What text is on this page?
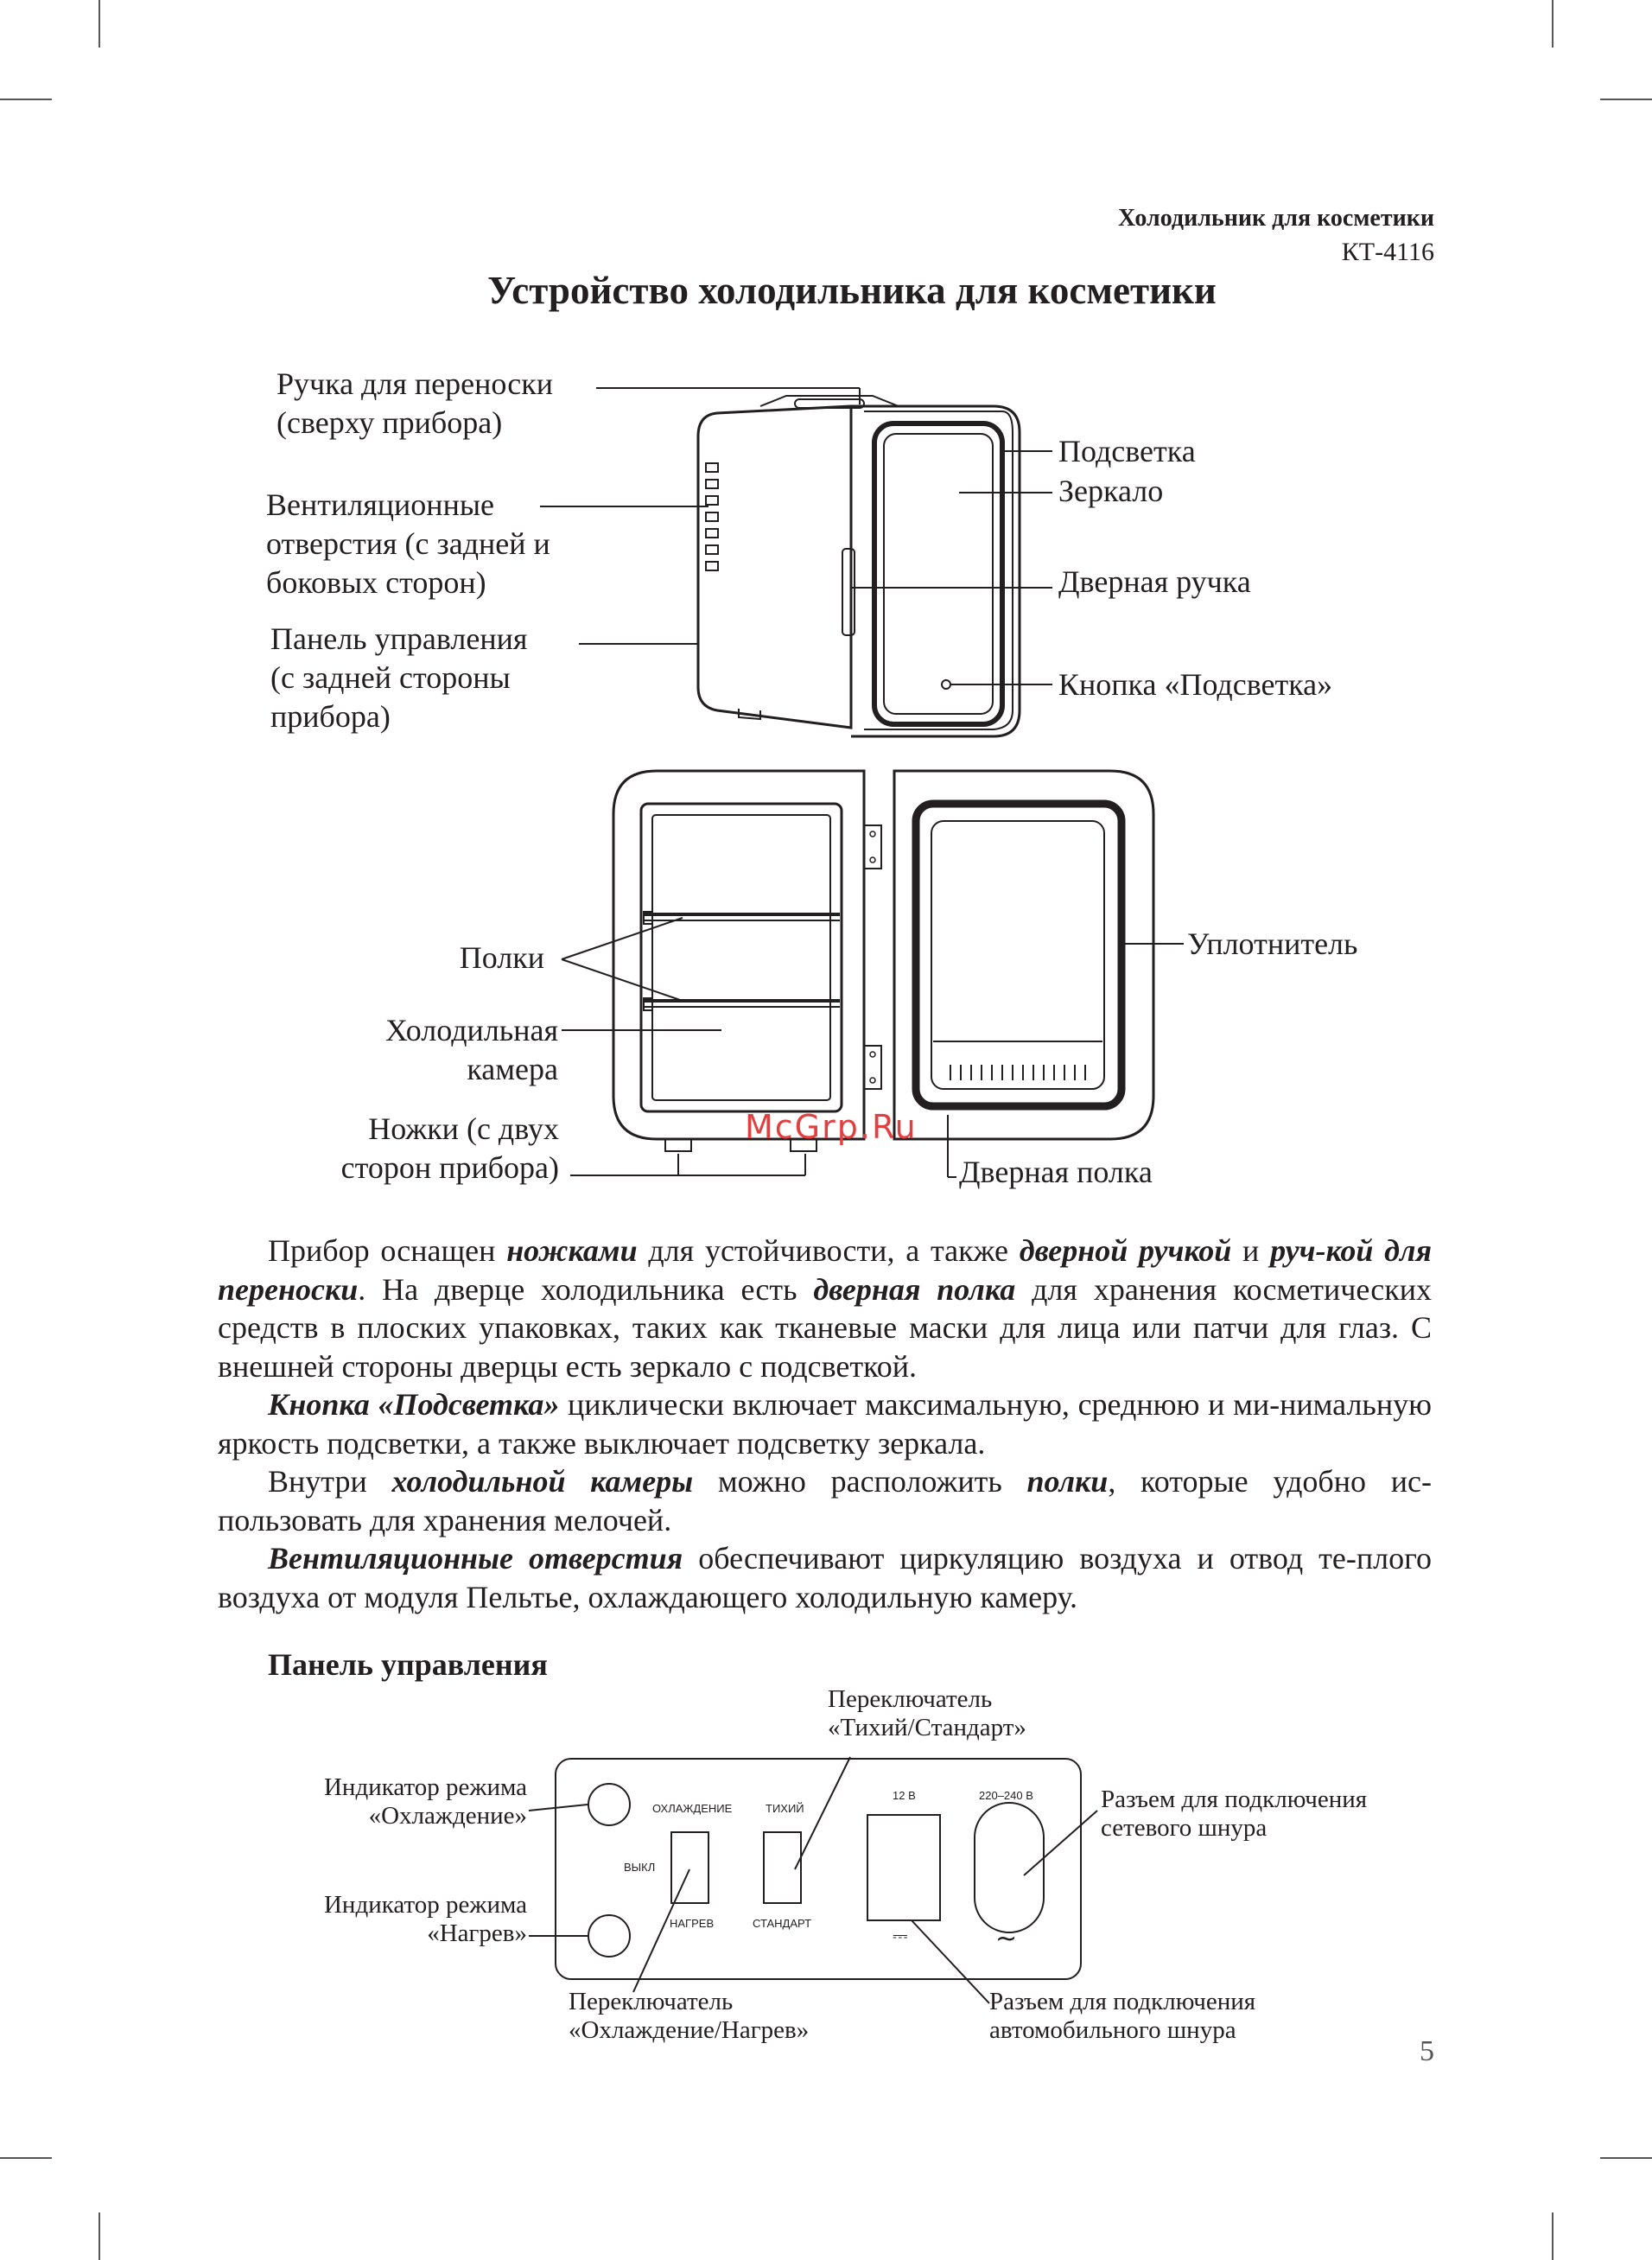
Холодильник для косметики
КТ-4116
Устройство холодильника для косметики
Ручка для переноски
(сверху прибора)
Вентиляционные
отверстия (с задней и
боковых сторон)
Панель управления
(с задней стороны
прибора)
Подсветка
Зеркало
Дверная ручка
Кнопка «Подсветка»
Полки
Холодильная
камера
Ножки (с двух
сторон прибора)
Уплотнитель
Дверная полка
McGrp.Ru

Прибор оснащен ножками для устойчивости, а также дверной ручкой и руч-кой для переноски. На дверце холодильника есть дверная полка для хранения косметических средств в плоских упаковках, таких как тканевые маски для лица или патчи для глаз. С внешней стороны дверцы есть зеркало с подсветкой.

Кнопка «Подсветка» циклически включает максимальную, среднюю и ми-нимальную яркость подсветки, а также выключает подсветку зеркала.

Внутри холодильной камеры можно расположить полки, которые удобно ис-пользовать для хранения мелочей.

Вентиляционные отверстия обеспечивают циркуляцию воздуха и отвод те-плого воздуха от модуля Пельтье, охлаждающего холодильную камеру.

Панель управления
Индикатор режима
«Охлаждение»
Индикатор режима
«Нагрев»
Переключатель
«Тихий/Стандарт»
Переключатель
«Охлаждение/Нагрев»
Разъем для подключения
сетевого шнура
Разъем для подключения
автомобильного шнура
ОХЛАЖДЕНИЕ
ВЫКЛ
НАГРЕВ
ТИХИЙ
СТАНДАРТ
12 В	220–240 В
⎓	~
5
